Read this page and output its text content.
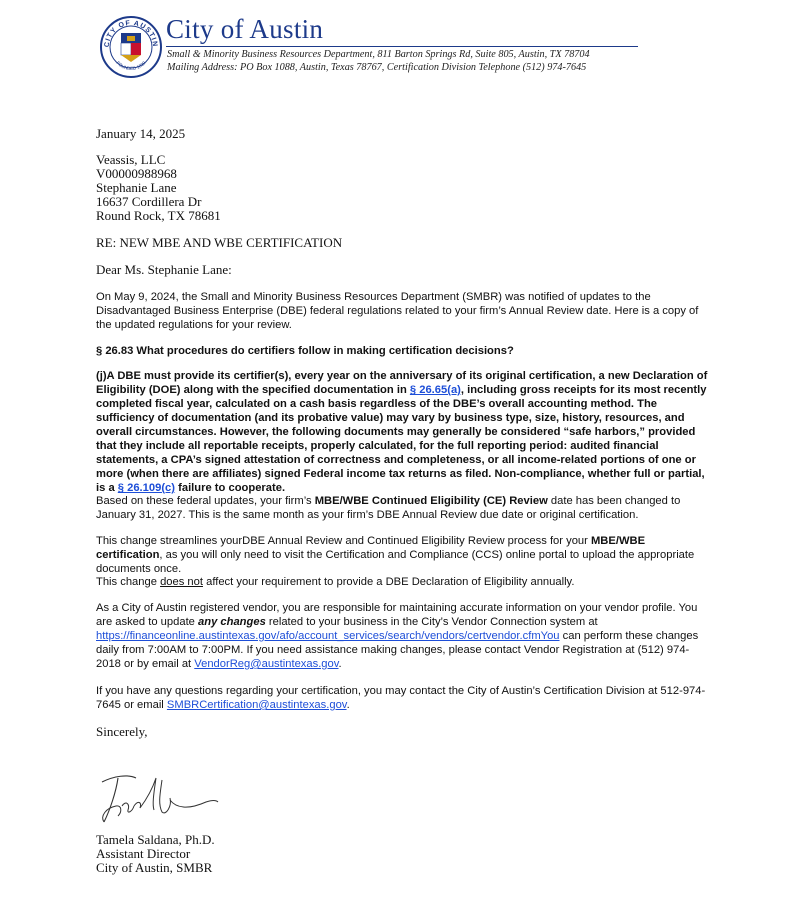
CITY OF AUSTIN
FOUNDED 1839
City of Austin
Small & Minority Business Resources Department, 811 Barton Springs Rd, Suite 805, Austin, TX 78704
Mailing Address: PO Box 1088, Austin, Texas 78767, Certification Division Telephone (512) 974-7645
January 14, 2025
Veassis, LLC
V00000988968
Stephanie Lane
16637 Cordillera Dr
Round Rock, TX 78681
RE: NEW MBE AND WBE CERTIFICATION
Dear Ms. Stephanie Lane:
On May 9, 2024, the Small and Minority Business Resources Department (SMBR) was notified of updates to the Disadvantaged Business Enterprise (DBE) federal regulations related to your firm’s Annual Review date. Here is a copy of the updated regulations for your review.
§ 26.83 What procedures do certifiers follow in making certification decisions?
(j)A DBE must provide its certifier(s), every year on the anniversary of its original certification, a new Declaration of Eligibility (DOE) along with the specified documentation in § 26.65(a), including gross receipts for its most recently completed fiscal year, calculated on a cash basis regardless of the DBE’s overall accounting method. The sufficiency of documentation (and its probative value) may vary by business type, size, history, resources, and overall circumstances. However, the following documents may generally be considered “safe harbors,” provided that they include all reportable receipts, properly calculated, for the full reporting period: audited financial statements, a CPA’s signed attestation of correctness and completeness, or all income-related portions of one or more (when there are affiliates) signed Federal income tax returns as filed. Non-compliance, whether full or partial, is a § 26.109(c) failure to cooperate.
Based on these federal updates, your firm’s MBE/WBE Continued Eligibility (CE) Review date has been changed to January 31, 2027. This is the same month as your firm’s DBE Annual Review due date or original certification.
This change streamlines yourDBE Annual Review and Continued Eligibility Review process for your MBE/WBE certification, as you will only need to visit the Certification and Compliance (CCS) online portal to upload the appropriate documents once.
This change does not affect your requirement to provide a DBE Declaration of Eligibility annually.
As a City of Austin registered vendor, you are responsible for maintaining accurate information on your vendor profile. You are asked to update any changes related to your business in the City’s Vendor Connection system at https://financeonline.austintexas.gov/afo/account_services/search/vendors/certvendor.cfmYou can perform these changes daily from 7:00AM to 7:00PM. If you need assistance making changes, please contact Vendor Registration at (512) 974-2018 or by email at VendorReg@austintexas.gov.
If you have any questions regarding your certification, you may contact the City of Austin’s Certification Division at 512-974-7645 or email SMBRCertification@austintexas.gov.
Sincerely,
Tamela Saldana, Ph.D.
Assistant Director
City of Austin, SMBR
